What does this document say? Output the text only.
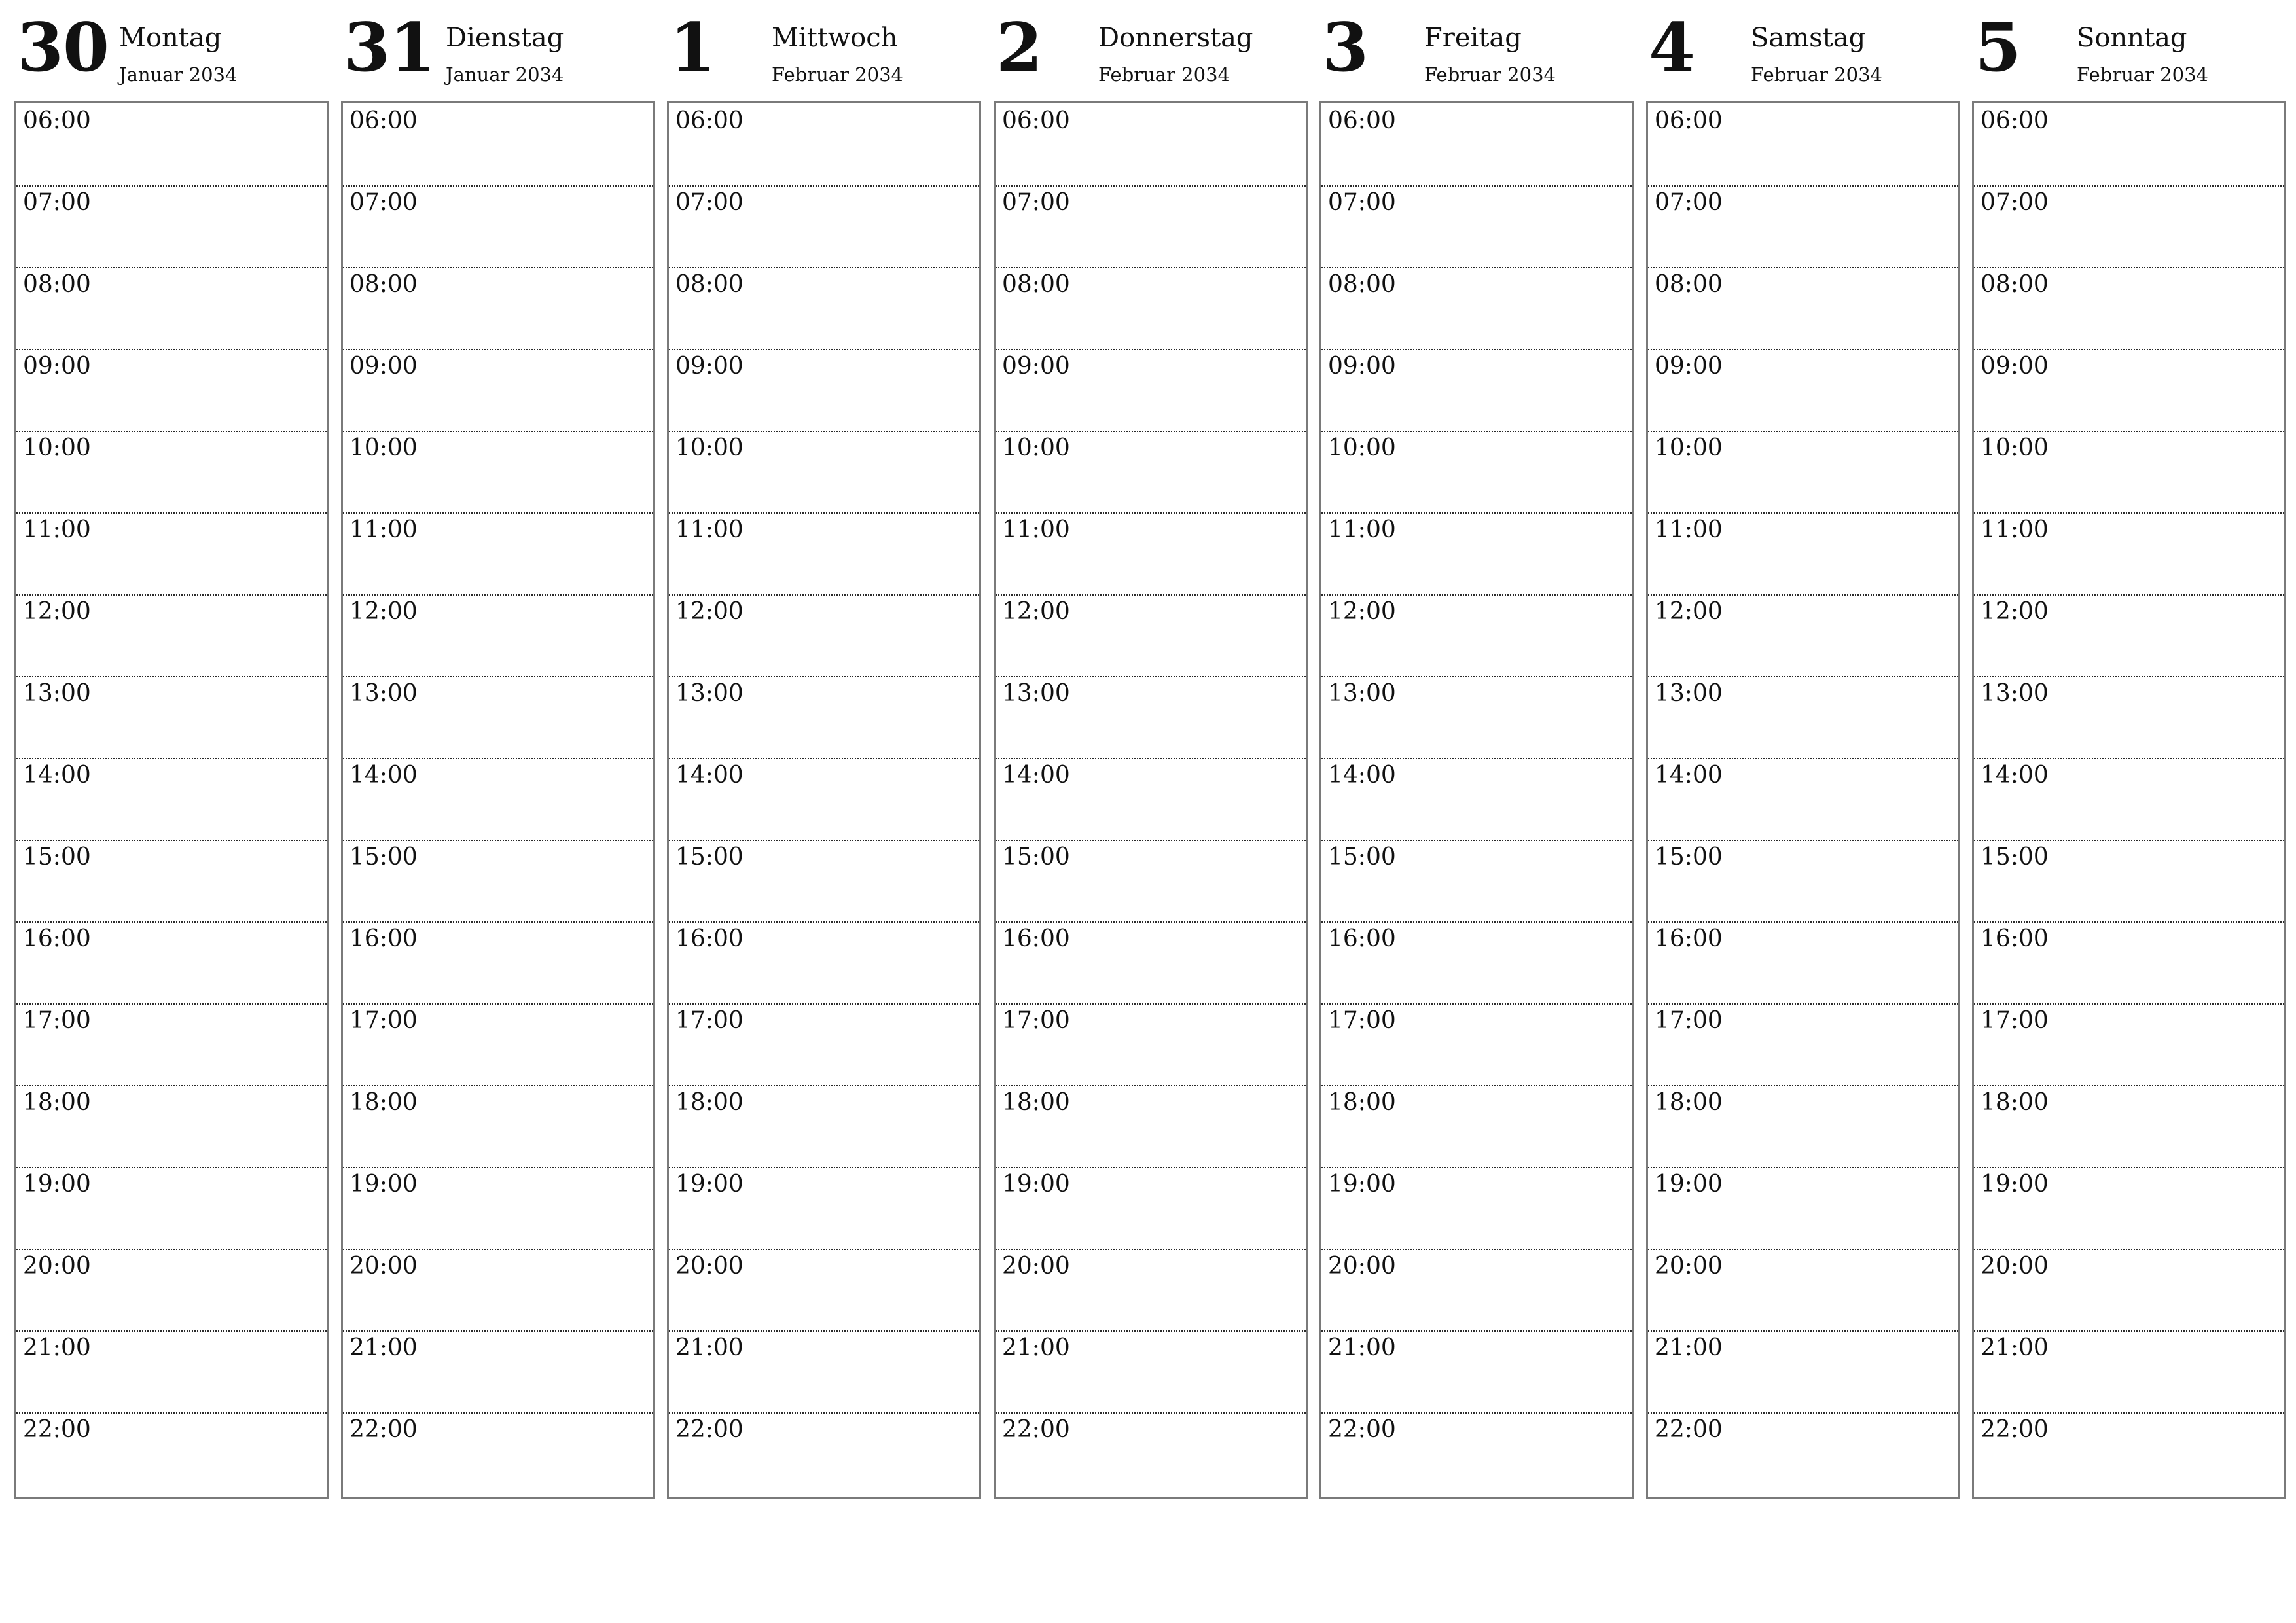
30 Montag
Januar 2034
06:00
07:00
08:00
09:00
10:00
11:00
12:00
13:00
14:00
15:00
16:00
17:00
18:00
19:00
20:00
21:00
22:00
31 Dienstag
Januar 2034
06:00
07:00
08:00
09:00
10:00
11:00
12:00
13:00
14:00
15:00
16:00
17:00
18:00
19:00
20:00
21:00
22:00
1 Mittwoch
Februar 2034
06:00
07:00
08:00
09:00
10:00
11:00
12:00
13:00
14:00
15:00
16:00
17:00
18:00
19:00
20:00
21:00
22:00
2 Donnerstag
Februar 2034
06:00
07:00
08:00
09:00
10:00
11:00
12:00
13:00
14:00
15:00
16:00
17:00
18:00
19:00
20:00
21:00
22:00
3 Freitag
Februar 2034
06:00
07:00
08:00
09:00
10:00
11:00
12:00
13:00
14:00
15:00
16:00
17:00
18:00
19:00
20:00
21:00
22:00
4 Samstag
Februar 2034
06:00
07:00
08:00
09:00
10:00
11:00
12:00
13:00
14:00
15:00
16:00
17:00
18:00
19:00
20:00
21:00
22:00
5 Sonntag
Februar 2034
06:00
07:00
08:00
09:00
10:00
11:00
12:00
13:00
14:00
15:00
16:00
17:00
18:00
19:00
20:00
21:00
22:00
